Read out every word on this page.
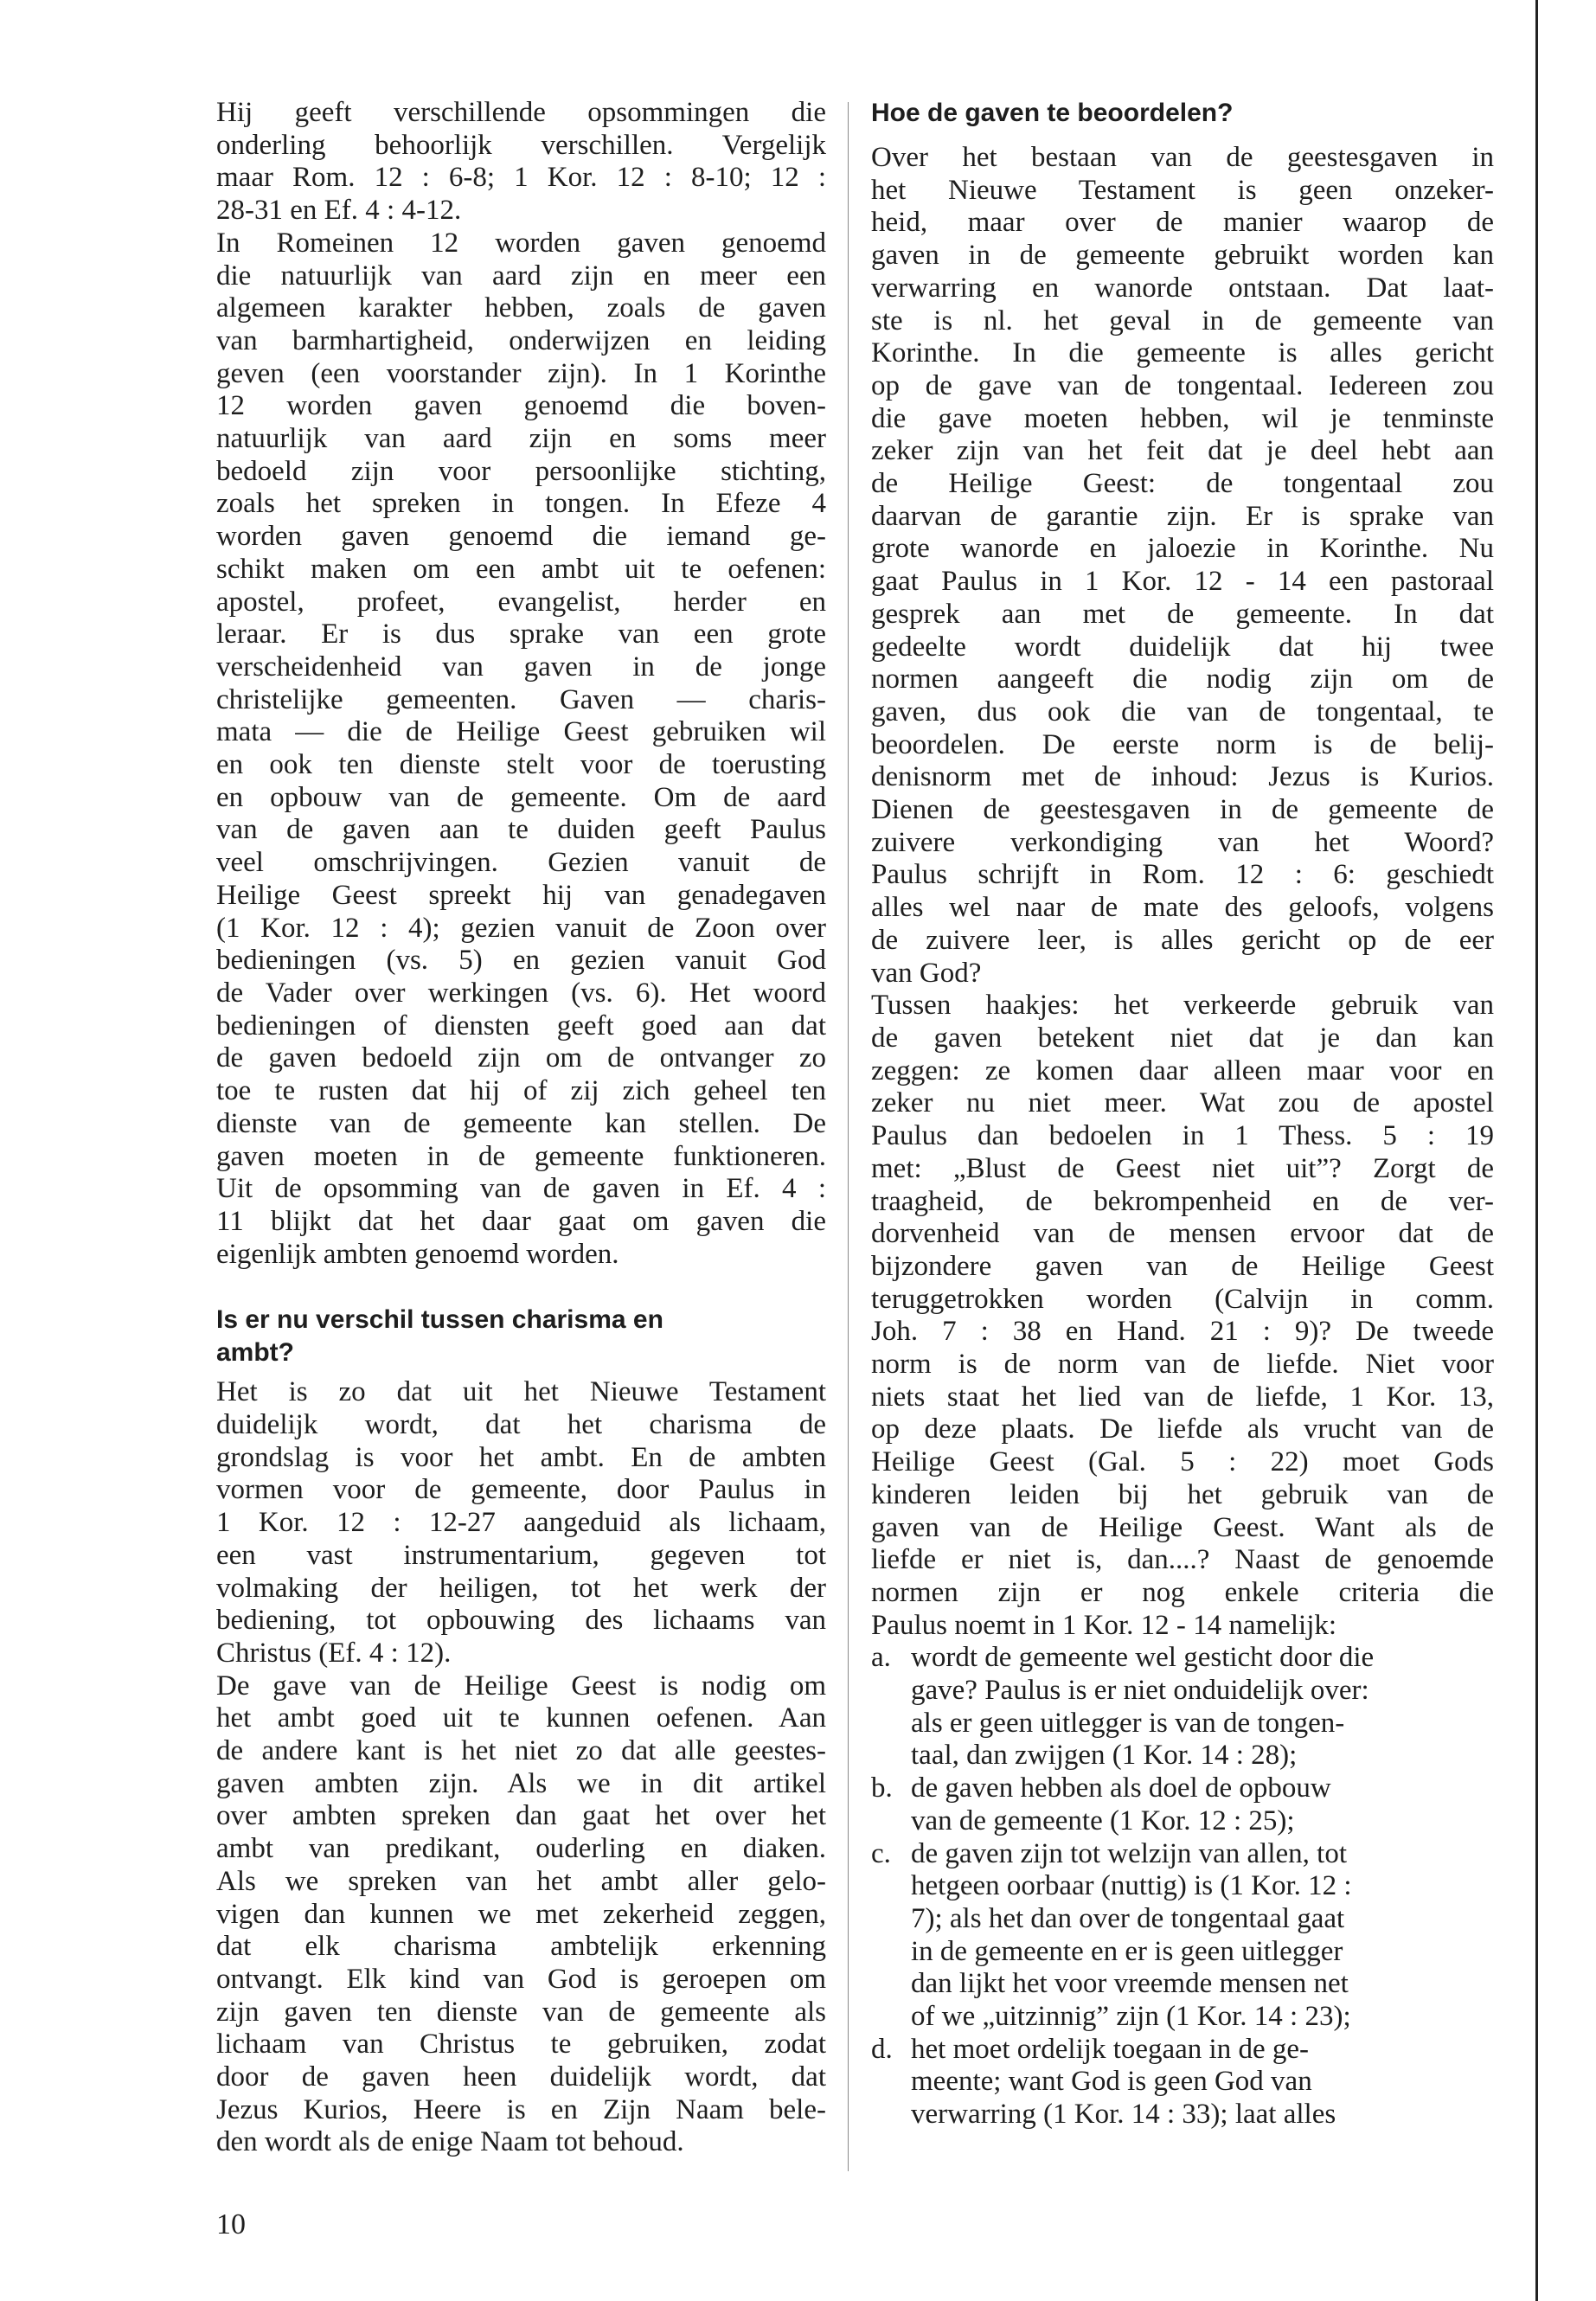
Hij geeft verschillende opsommingen die
onderling behoorlijk verschillen. Vergelijk
maar Rom. 12 : 6-8; 1 Kor. 12 : 8-10; 12 :
28-31 en Ef. 4 : 4-12.
In Romeinen 12 worden gaven genoemd
die natuurlijk van aard zijn en meer een
algemeen karakter hebben, zoals de gaven
van barmhartigheid, onderwijzen en leiding
geven (een voorstander zijn). In 1 Korinthe
12 worden gaven genoemd die boven-
natuurlijk van aard zijn en soms meer
bedoeld zijn voor persoonlijke stichting,
zoals het spreken in tongen. In Efeze 4
worden gaven genoemd die iemand ge-
schikt maken om een ambt uit te oefenen:
apostel, profeet, evangelist, herder en
leraar. Er is dus sprake van een grote
verscheidenheid van gaven in de jonge
christelijke gemeenten. Gaven — charis-
mata — die de Heilige Geest gebruiken wil
en ook ten dienste stelt voor de toerusting
en opbouw van de gemeente. Om de aard
van de gaven aan te duiden geeft Paulus
veel omschrijvingen. Gezien vanuit de
Heilige Geest spreekt hij van genadegaven
(1 Kor. 12 : 4); gezien vanuit de Zoon over
bedieningen (vs. 5) en gezien vanuit God
de Vader over werkingen (vs. 6). Het woord
bedieningen of diensten geeft goed aan dat
de gaven bedoeld zijn om de ontvanger zo
toe te rusten dat hij of zij zich geheel ten
dienste van de gemeente kan stellen. De
gaven moeten in de gemeente funktioneren.
Uit de opsomming van de gaven in Ef. 4 :
11 blijkt dat het daar gaat om gaven die
eigenlijk ambten genoemd worden.
Is er nu verschil tussen charisma en
ambt?
Het is zo dat uit het Nieuwe Testament
duidelijk wordt, dat het charisma de
grondslag is voor het ambt. En de ambten
vormen voor de gemeente, door Paulus in
1 Kor. 12 : 12-27 aangeduid als lichaam,
een vast instrumentarium, gegeven tot
volmaking der heiligen, tot het werk der
bediening, tot opbouwing des lichaams van
Christus (Ef. 4 : 12).
De gave van de Heilige Geest is nodig om
het ambt goed uit te kunnen oefenen. Aan
de andere kant is het niet zo dat alle geestes-
gaven ambten zijn. Als we in dit artikel
over ambten spreken dan gaat het over het
ambt van predikant, ouderling en diaken.
Als we spreken van het ambt aller gelo-
vigen dan kunnen we met zekerheid zeggen,
dat elk charisma ambtelijk erkenning
ontvangt. Elk kind van God is geroepen om
zijn gaven ten dienste van de gemeente als
lichaam van Christus te gebruiken, zodat
door de gaven heen duidelijk wordt, dat
Jezus Kurios, Heere is en Zijn Naam bele-
den wordt als de enige Naam tot behoud.
Hoe de gaven te beoordelen?
Over het bestaan van de geestesgaven in
het Nieuwe Testament is geen onzeker-
heid, maar over de manier waarop de
gaven in de gemeente gebruikt worden kan
verwarring en wanorde ontstaan. Dat laat-
ste is nl. het geval in de gemeente van
Korinthe. In die gemeente is alles gericht
op de gave van de tongentaal. Iedereen zou
die gave moeten hebben, wil je tenminste
zeker zijn van het feit dat je deel hebt aan
de Heilige Geest: de tongentaal zou
daarvan de garantie zijn. Er is sprake van
grote wanorde en jaloezie in Korinthe. Nu
gaat Paulus in 1 Kor. 12 - 14 een pastoraal
gesprek aan met de gemeente. In dat
gedeelte wordt duidelijk dat hij twee
normen aangeeft die nodig zijn om de
gaven, dus ook die van de tongentaal, te
beoordelen. De eerste norm is de belij-
denisnorm met de inhoud: Jezus is Kurios.
Dienen de geestesgaven in de gemeente de
zuivere verkondiging van het Woord?
Paulus schrijft in Rom. 12 : 6: geschiedt
alles wel naar de mate des geloofs, volgens
de zuivere leer, is alles gericht op de eer
van God?
Tussen haakjes: het verkeerde gebruik van
de gaven betekent niet dat je dan kan
zeggen: ze komen daar alleen maar voor en
zeker nu niet meer. Wat zou de apostel
Paulus dan bedoelen in 1 Thess. 5 : 19
met: „Blust de Geest niet uit”? Zorgt de
traagheid, de bekrompenheid en de ver-
dorvenheid van de mensen ervoor dat de
bijzondere gaven van de Heilige Geest
teruggetrokken worden (Calvijn in comm.
Joh. 7 : 38 en Hand. 21 : 9)? De tweede
norm is de norm van de liefde. Niet voor
niets staat het lied van de liefde, 1 Kor. 13,
op deze plaats. De liefde als vrucht van de
Heilige Geest (Gal. 5 : 22) moet Gods
kinderen leiden bij het gebruik van de
gaven van de Heilige Geest. Want als de
liefde er niet is, dan....? Naast de genoemde
normen zijn er nog enkele criteria die
Paulus noemt in 1 Kor. 12 - 14 namelijk:
a. wordt de gemeente wel gesticht door die
gave? Paulus is er niet onduidelijk over:
als er geen uitlegger is van de tongen-
taal, dan zwijgen (1 Kor. 14 : 28);
b. de gaven hebben als doel de opbouw
van de gemeente (1 Kor. 12 : 25);
c. de gaven zijn tot welzijn van allen, tot
hetgeen oorbaar (nuttig) is (1 Kor. 12 :
7); als het dan over de tongentaal gaat
in de gemeente en er is geen uitlegger
dan lijkt het voor vreemde mensen net
of we „uitzinnig” zijn (1 Kor. 14 : 23);
d. het moet ordelijk toegaan in de ge-
meente; want God is geen God van
verwarring (1 Kor. 14 : 33); laat alles
10
